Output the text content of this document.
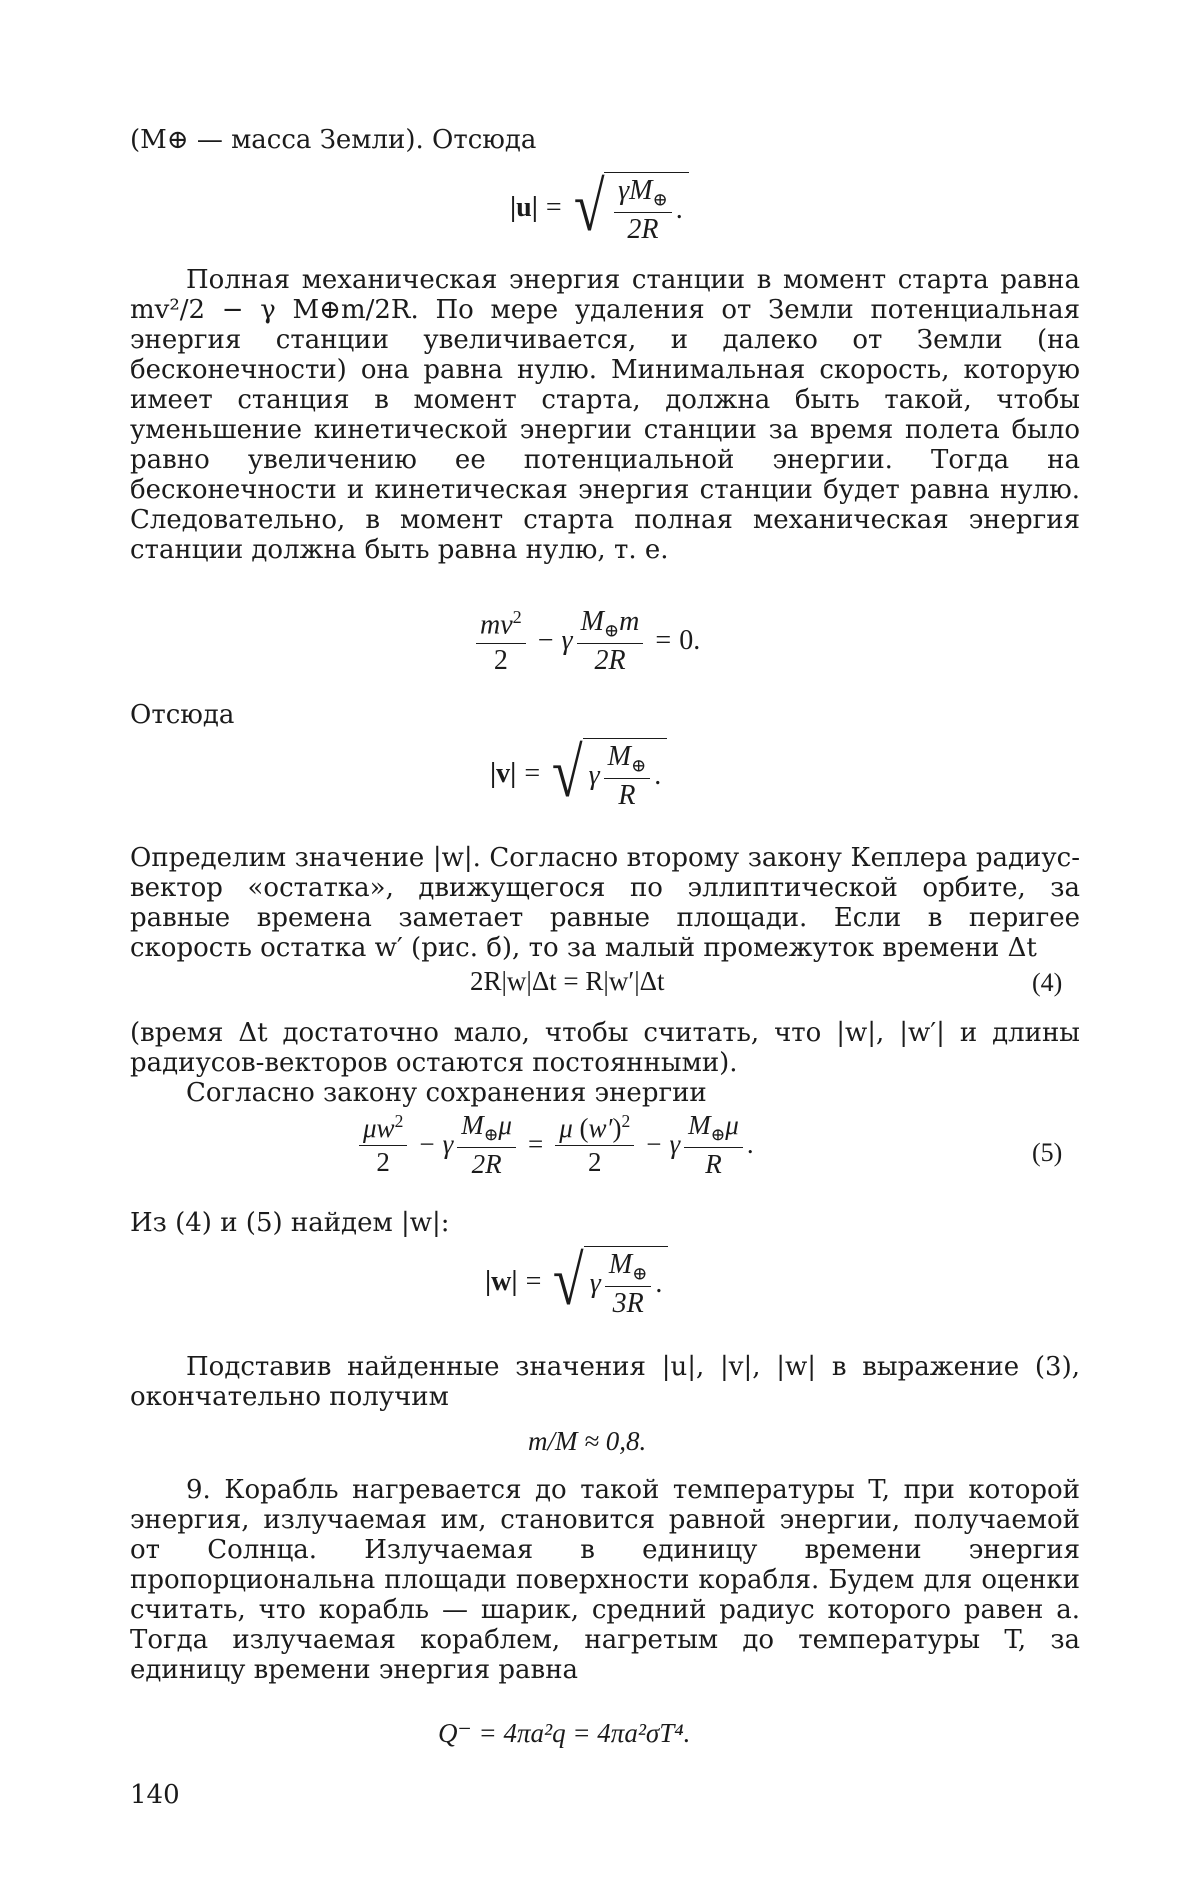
(M⊕ — масса Земли). Отсюда

|u| = √ γM⊕
2R
.

Полная механическая энергия станции в момент старта равна mv²/2 − γ M⊕m/2R. По мере удаления от Земли потенциальная энергия станции увеличивается, и далеко от Земли (на бесконечности) она равна нулю. Минимальная скорость, которую имеет станция в момент старта, должна быть такой, чтобы уменьшение кинетической энергии станции за время полета было равно увеличению ее потенциальной энергии. Тогда на бесконечности и кинетическая энергия станции будет равна нулю. Следовательно, в момент старта полная механическая энергия станции должна быть равна нулю, т. е.

mv2
2
− γ
M⊕m
2R
= 0.

Отсюда

|v| = √ γ
M⊕
R
.

Определим значение |w|. Согласно второму закону Кеплера радиус-вектор «остатка», движущегося по эллиптической орбите, за равные времена заметает равные площади. Если в перигее скорость остатка w′ (рис. б), то за малый промежуток времени Δt

2R|w|Δt = R|w′|Δt	(4)

(время Δt достаточно мало, чтобы считать, что |w|, |w′| и длины радиусов-векторов остаются постоянными).

Согласно закону сохранения энергии

μw2
2
− γ
M⊕μ
2R
=
μ (w′)2
2
− γ
M⊕μ
R
.	(5)

Из (4) и (5) найдем |w|:

|w| = √ γ
M⊕
3R
.

Подставив найденные значения |u|, |v|, |w| в выражение (3), окончательно получим

m/M ≈ 0,8.

9. Корабль нагревается до такой температуры T, при которой энергия, излучаемая им, становится равной энергии, получаемой от Солнца. Излучаемая в единицу времени энергия пропорциональна площади поверхности корабля. Будем для оценки считать, что корабль — шарик, средний радиус которого равен a. Тогда излучаемая кораблем, нагретым до температуры T, за единицу времени энергия равна

Q⁻ = 4πa²q = 4πa²σT⁴.
140
